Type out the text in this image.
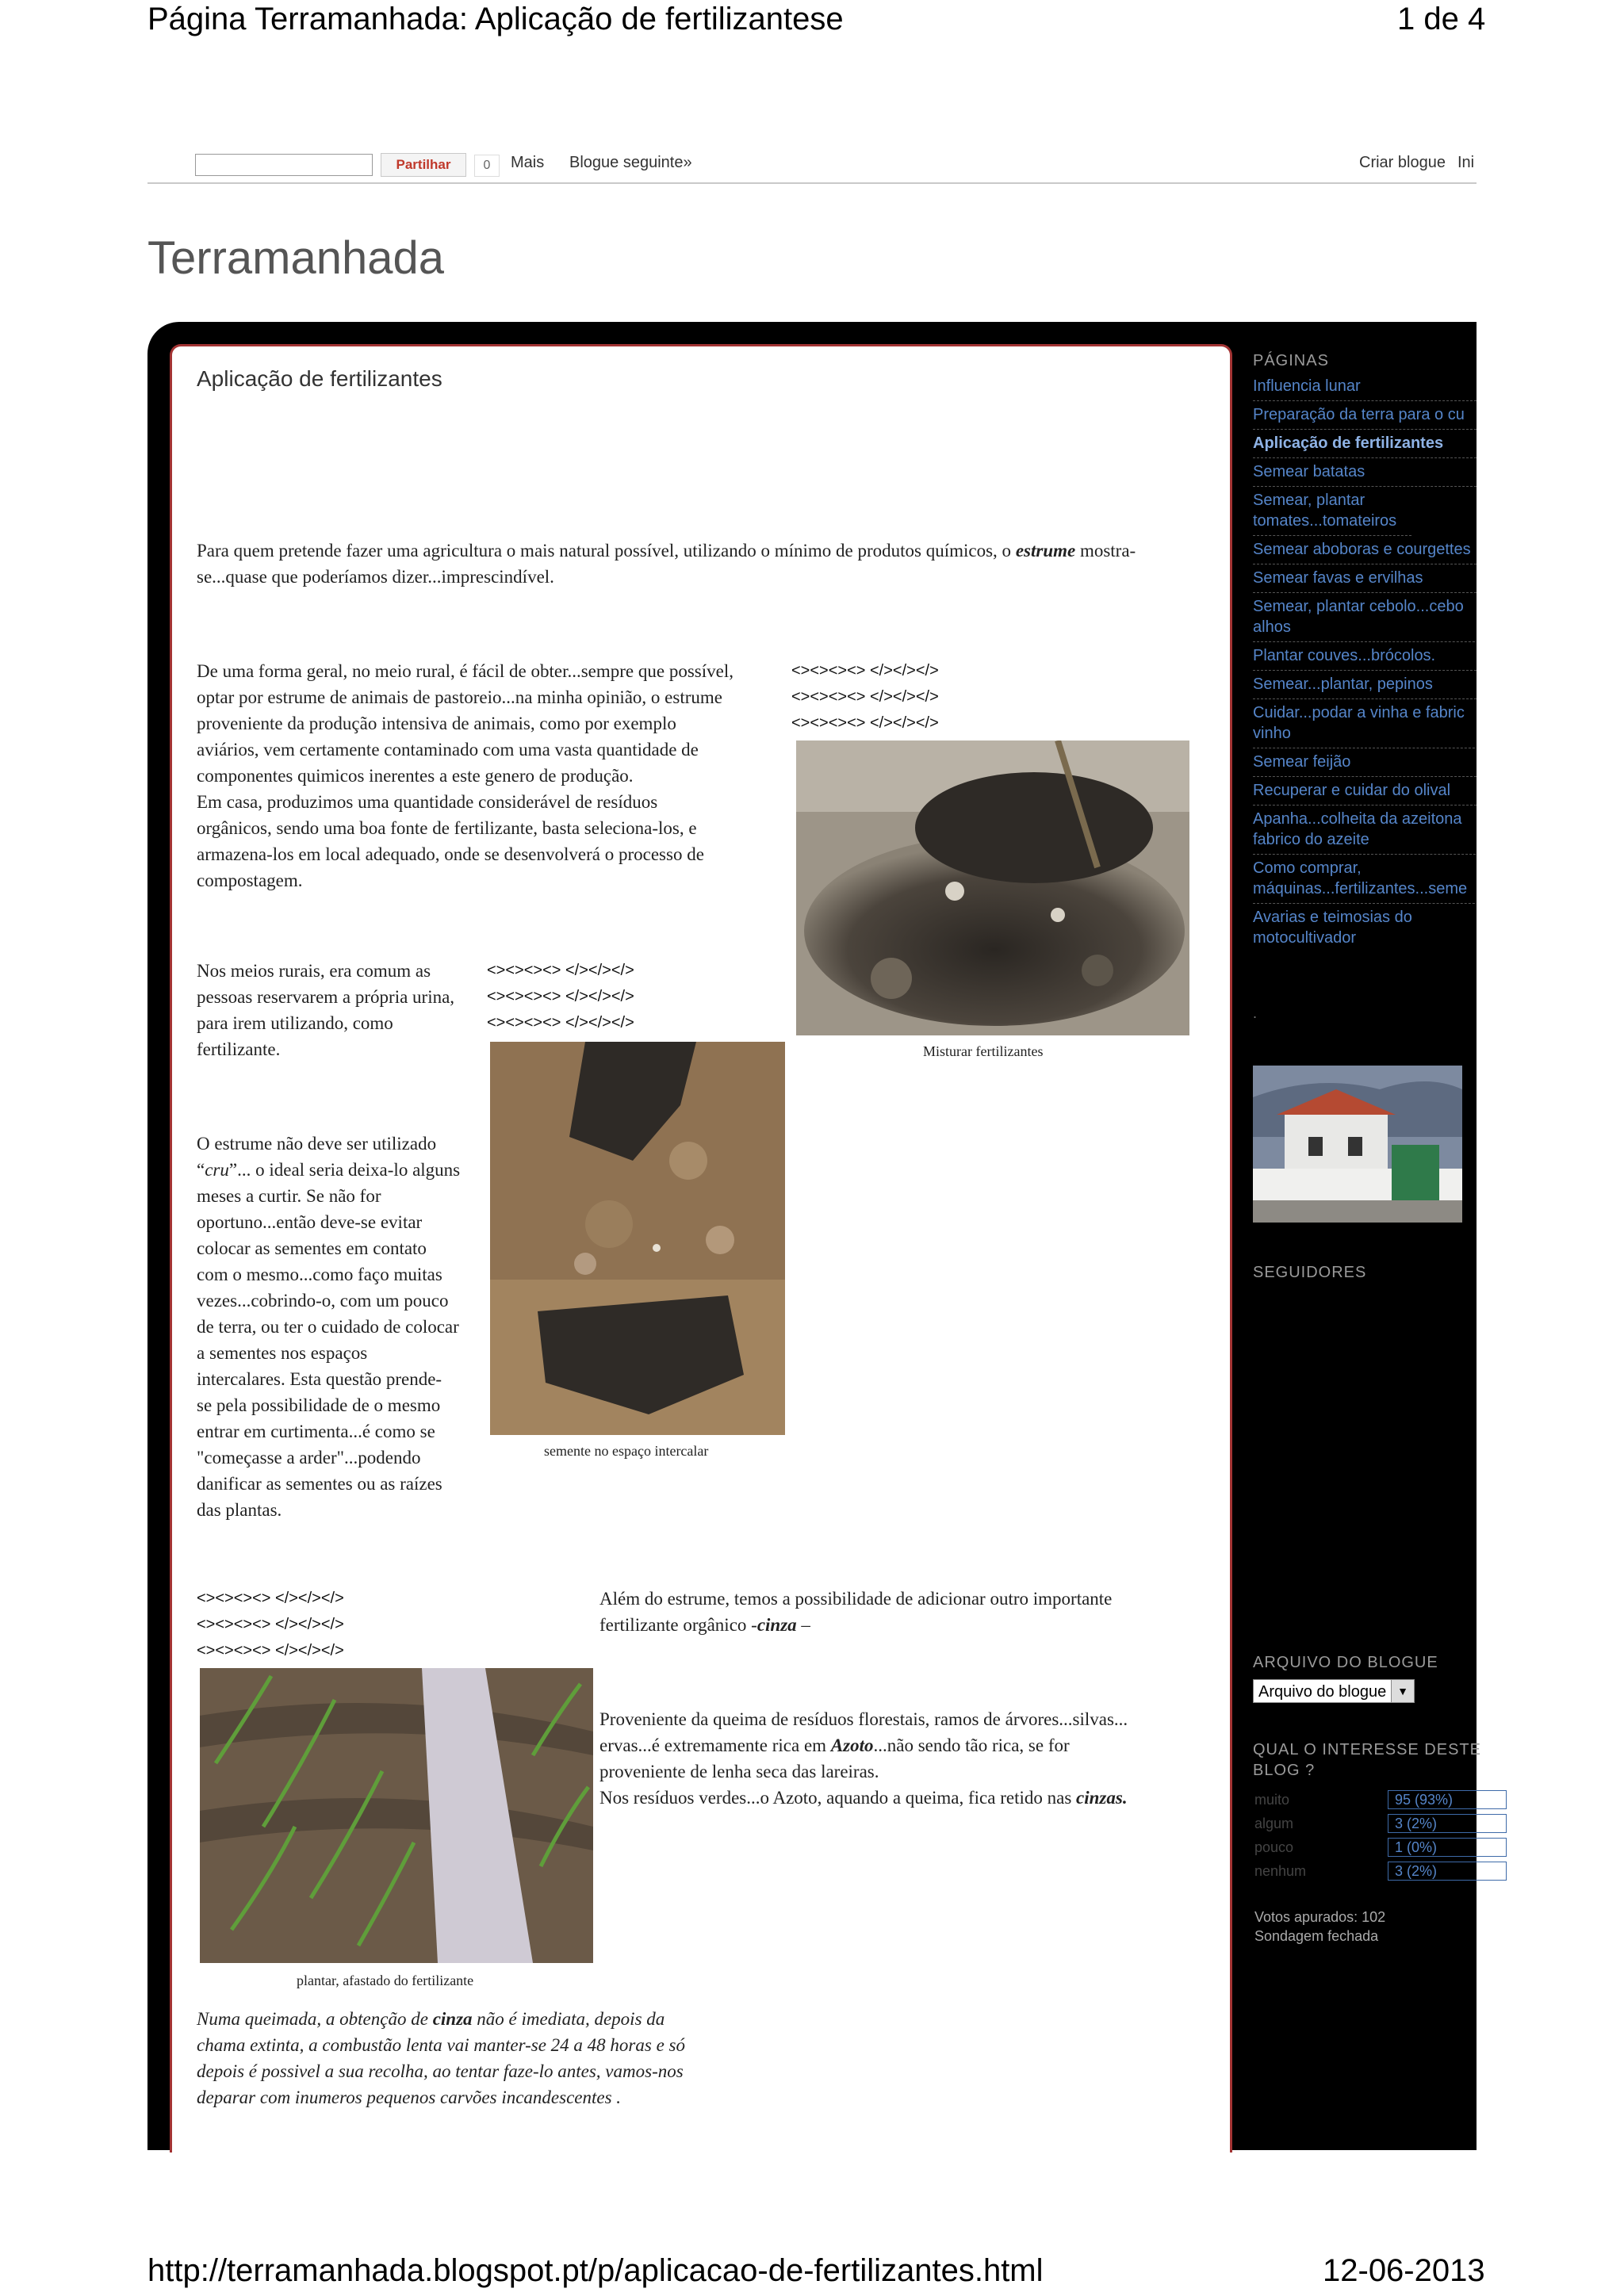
Página Terramanhada: Aplicação de fertilizantese	1 de 4
Partilhar	0	Mais Blogue seguinte»	Criar blogue Ini
Terramanhada
Aplicação de fertilizantes
Para quem pretende fazer uma agricultura o mais natural possível, utilizando o mínimo de produtos químicos, o estrume mostra-se...quase que poderíamos dizer...imprescindível.
De uma forma geral, no meio rural, é fácil de obter...sempre que possível,
optar por estrume de animais de pastoreio...na minha opinião, o estrume
proveniente da produção intensiva de animais, como por exemplo
aviários, vem certamente contaminado com uma vasta quantidade de
componentes quimicos inerentes a este genero de produção.
Em casa, produzimos uma quantidade considerável de resíduos
orgânicos, sendo uma boa fonte de fertilizante, basta seleciona-los, e
armazena-los em local adequado, onde se desenvolverá o processo de
compostagem.
<><><><> </></></>
<><><><> </></></>
<><><><> </></></>
Misturar fertilizantes
Nos meios rurais, era comum as
pessoas reservarem a própria urina,
para irem utilizando, como
fertilizante.
<><><><> </></></>
<><><><> </></></>
<><><><> </></></>
semente no espaço intercalar
O estrume não deve ser utilizado
“cru”... o ideal seria deixa-lo alguns
meses a curtir. Se não for
oportuno...então deve-se evitar
colocar as sementes em contato
com o mesmo...como faço muitas
vezes...cobrindo-o, com um pouco
de terra, ou ter o cuidado de colocar
a sementes nos espaços
intercalares. Esta questão prende-
se pela possibilidade de o mesmo
entrar em curtimenta...é como se
"começasse a arder"...podendo
danificar as sementes ou as raízes
das plantas.
<><><><> </></></>
<><><><> </></></>
<><><><> </></></>
Além do estrume, temos a possibilidade de adicionar outro importante
fertilizante orgânico -cinza –
Proveniente da queima de resíduos florestais, ramos de árvores...silvas...
ervas...é extremamente rica em Azoto...não sendo tão rica, se for
proveniente de lenha seca das lareiras.
Nos resíduos verdes...o Azoto, aquando a queima, fica retido nas cinzas.
plantar, afastado do fertilizante
Numa queimada, a obtenção de cinza não é imediata, depois da
chama extinta, a combustão lenta vai manter-se 24 a 48 horas e só
depois é possivel a sua recolha, ao tentar faze-lo antes, vamos-nos
deparar com inumeros pequenos carvões incandescentes .
PÁGINAS
Influencia lunar
Preparação da terra para o cu
Aplicação de fertilizantes
Semear batatas
Semear, plantar tomates...tomateiros
Semear aboboras e courgettes
Semear favas e ervilhas
Semear, plantar cebolo...cebo alhos
Plantar couves...brócolos.
Semear...plantar, pepinos
Cuidar...podar a vinha e fabric vinho
Semear feijão
Recuperar e cuidar do olival
Apanha...colheita da azeitona fabrico do azeite
Como comprar, máquinas...fertilizantes...seme
Avarias e teimosias do motocultivador
.
SEGUIDORES
ARQUIVO DO BLOGUE
Arquivo do blogue ▼
QUAL O INTERESSE DESTE
BLOG ?
muito	95 (93%)
algum	3 (2%)
pouco	1 (0%)
nenhum	3 (2%)
Votos apurados: 102
Sondagem fechada
http://terramanhada.blogspot.pt/p/aplicacao-de-fertilizantes.html	12-06-2013
